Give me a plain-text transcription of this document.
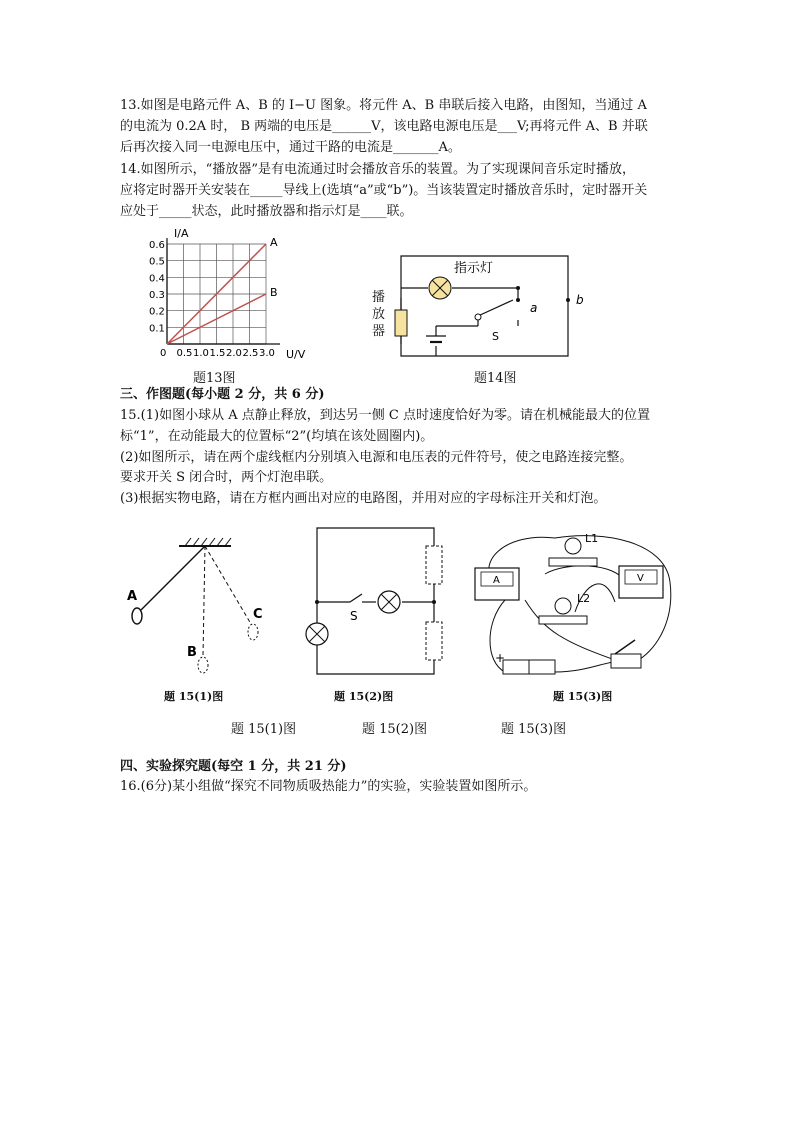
13.如图是电路元件 A、B 的 I−U 图象。将元件 A、B 串联后接入电路，由图知，当通过 A
的电流为 0.2A 时， B 两端的电压是______V，该电路电源电压是___V;再将元件 A、B 并联
后再次接入同一电源电压中，通过干路的电流是_______A。
14.如图所示，“播放器”是有电流通过时会播放音乐的装置。为了实现课间音乐定时播放，
应将定时器开关安装在_____导线上(选填“a”或“b”)。当该装置定时播放音乐时，定时器开关
应处于_____状态，此时播放器和指示灯是____联。
0 0.5 1.0 1.5 2.0 2.5 3.0
0.6
0.5
0.4
0.3
0.2
0.1
A
B
I/A
U/V
题13图
指示灯
S
a
b
播放器
题14图
三、作图题(每小题 2 分，共 6 分)
15.(1)如图小球从 A 点静止释放，到达另一侧 C 点时速度恰好为零。请在机械能最大的位置
标“1”，在动能最大的位置标“2”(均填在该处圆圈内)。
(2)如图所示，请在两个虚线框内分别填入电源和电压表的元件符号，使之电路连接完整。
要求开关 S 闭合时，两个灯泡串联。
(3)根据实物电路，请在方框内画出对应的电路图，并用对应的字母标注开关和灯泡。
A
B
C
题 15(1)图
S
题 15(2)图
A	V
L1
L2
+
题 15(3)图
题 15(1)图	题 15(2)图	题 15(3)图
四、实验探究题(每空 1 分，共 21 分)
16.(6分)某小组做“探究不同物质吸热能力”的实验，实验装置如图所示。
